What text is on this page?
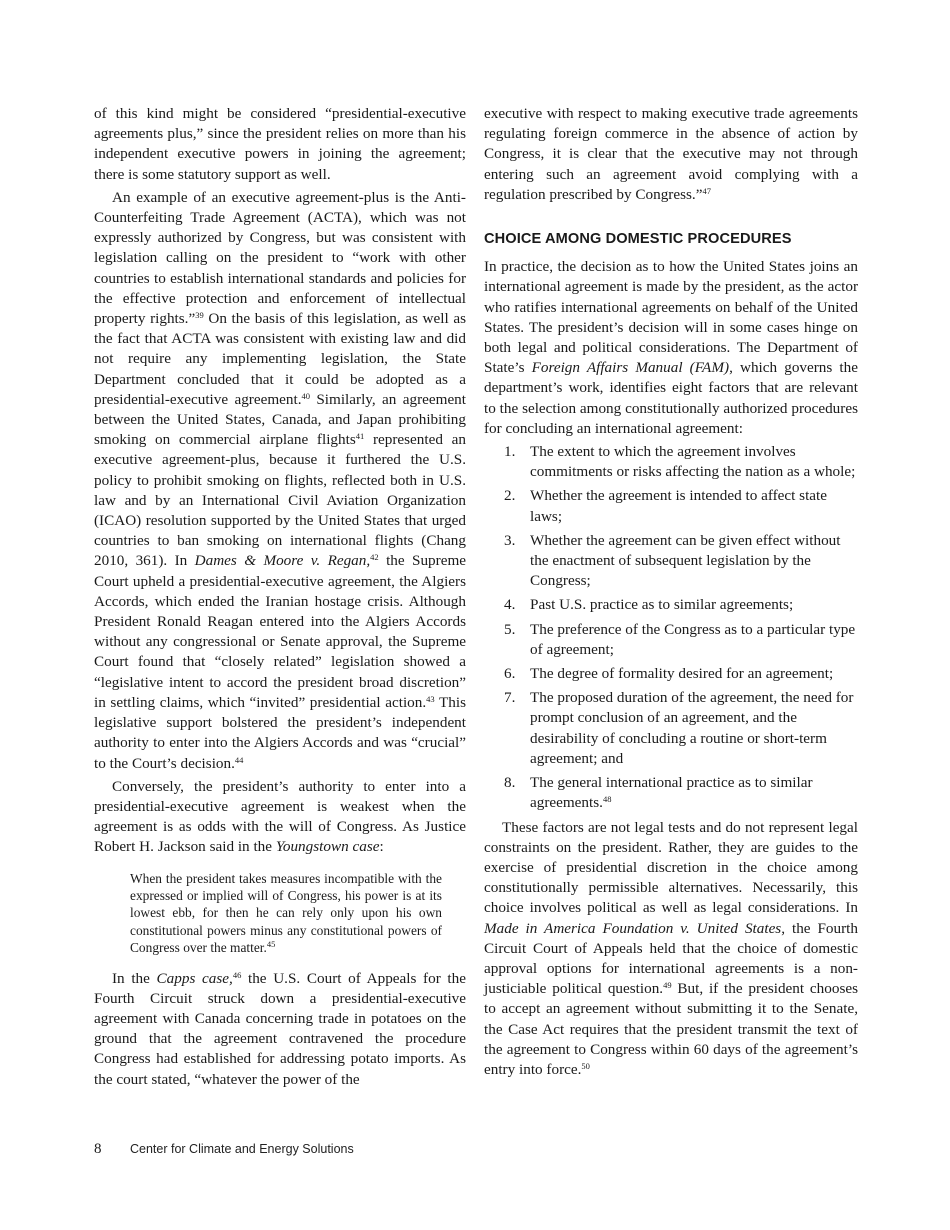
of this kind might be considered “presidential-executive agreements plus,” since the president relies on more than his independent executive powers in joining the agreement; there is some statutory support as well.

An example of an executive agreement-plus is the Anti-Counterfeiting Trade Agreement (ACTA), which was not expressly authorized by Congress, but was consistent with legislation calling on the president to “work with other countries to establish international standards and policies for the effective protection and enforcement of intellectual property rights.”$^{39}$ On the basis of this legislation, as well as the fact that ACTA was consistent with existing law and did not require any implementing legislation, the State Department concluded that it could be adopted as a presidential-executive agreement.$^{40}$ Similarly, an agreement between the United States, Canada, and Japan prohibiting smoking on commercial airplane flights$^{41}$ represented an executive agreement-plus, because it furthered the U.S. policy to prohibit smoking on flights, reflected both in U.S. law and by an International Civil Aviation Organization (ICAO) resolution supported by the United States that urged countries to ban smoking on international flights (Chang 2010, 361). In Dames & Moore v. Regan,$^{42}$ the Supreme Court upheld a presidential-executive agreement, the Algiers Accords, which ended the Iranian hostage crisis. Although President Ronald Reagan entered into the Algiers Accords without any congressional or Senate approval, the Supreme Court found that “closely related” legislation showed a “legislative intent to accord the president broad discretion” in settling claims, which “invited” presidential action.$^{43}$ This legislative support bolstered the president’s independent authority to enter into the Algiers Accords and was “crucial” to the Court’s decision.$^{44}$

Conversely, the president’s authority to enter into a presidential-executive agreement is weakest when the agreement is as odds with the will of Congress. As Justice Robert H. Jackson said in the Youngstown case:

When the president takes measures incompatible with the expressed or implied will of Congress, his power is at its lowest ebb, for then he can rely only upon his own constitutional powers minus any constitutional powers of Congress over the matter.$^{45}$

In the Capps case,$^{46}$ the U.S. Court of Appeals for the Fourth Circuit struck down a presidential-executive agreement with Canada concerning trade in potatoes on the ground that the agreement contravened the procedure Congress had established for addressing potato imports. As the court stated, “whatever the power of the

executive with respect to making executive trade agreements regulating foreign commerce in the absence of action by Congress, it is clear that the executive may not through entering such an agreement avoid complying with a regulation prescribed by Congress.”$^{47}$

CHOICE AMONG DOMESTIC PROCEDURES

In practice, the decision as to how the United States joins an international agreement is made by the president, as the actor who ratifies international agreements on behalf of the United States. The president’s decision will in some cases hinge on both legal and political considerations. The Department of State’s Foreign Affairs Manual (FAM), which governs the department’s work, identifies eight factors that are relevant to the selection among constitutionally authorized procedures for concluding an international agreement:

1. The extent to which the agreement involves commitments or risks affecting the nation as a whole;
2. Whether the agreement is intended to affect state laws;
3. Whether the agreement can be given effect without the enactment of subsequent legislation by the Congress;
4. Past U.S. practice as to similar agreements;
5. The preference of the Congress as to a particular type of agreement;
6. The degree of formality desired for an agreement;
7. The proposed duration of the agreement, the need for prompt conclusion of an agreement, and the desirability of concluding a routine or short-term agreement; and
8. The general international practice as to similar agreements.$^{48}$

These factors are not legal tests and do not represent legal constraints on the president. Rather, they are guides to the exercise of presidential discretion in the choice among constitutionally permissible alternatives. Necessarily, this choice involves political as well as legal considerations. In Made in America Foundation v. United States, the Fourth Circuit Court of Appeals held that the choice of domestic approval options for international agreements is a non-justiciable political question.$^{49}$ But, if the president chooses to accept an agreement without submitting it to the Senate, the Case Act requires that the president transmit the text of the agreement to Congress within 60 days of the agreement’s entry into force.$^{50}$

8	Center for Climate and Energy Solutions
